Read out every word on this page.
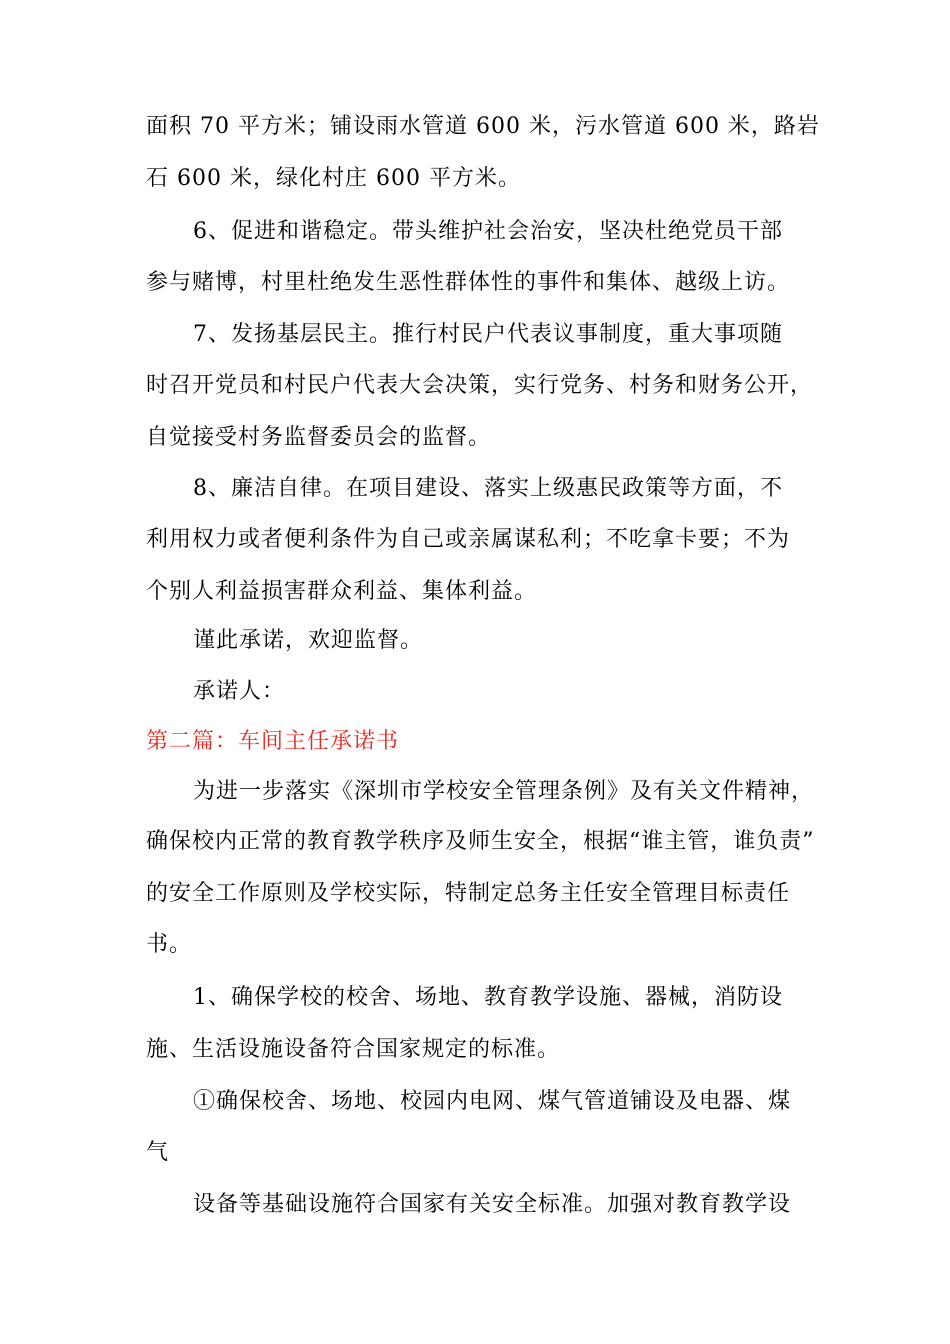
面积 70 平方米；铺设雨水管道 600 米，污水管道 600 米，路岩
石 600 米，绿化村庄 600 平方米。
6、促进和谐稳定。带头维护社会治安，坚决杜绝党员干部
参与赌博，村里杜绝发生恶性群体性的事件和集体、越级上访。
7、发扬基层民主。推行村民户代表议事制度，重大事项随
时召开党员和村民户代表大会决策，实行党务、村务和财务公开，
自觉接受村务监督委员会的监督。
8、廉洁自律。在项目建设、落实上级惠民政策等方面，不
利用权力或者便利条件为自己或亲属谋私利；不吃拿卡要；不为
个别人利益损害群众利益、集体利益。
谨此承诺，欢迎监督。
承诺人：
第二篇：车间主任承诺书
为进一步落实《深圳市学校安全管理条例》及有关文件精神，
确保校内正常的教育教学秩序及师生安全，根据“谁主管，谁负责”
的安全工作原则及学校实际，特制定总务主任安全管理目标责任
书。
1、确保学校的校舍、场地、教育教学设施、器械，消防设
施、生活设施设备符合国家规定的标准。
①确保校舍、场地、校园内电网、煤气管道铺设及电器、煤
气
设备等基础设施符合国家有关安全标准。加强对教育教学设
